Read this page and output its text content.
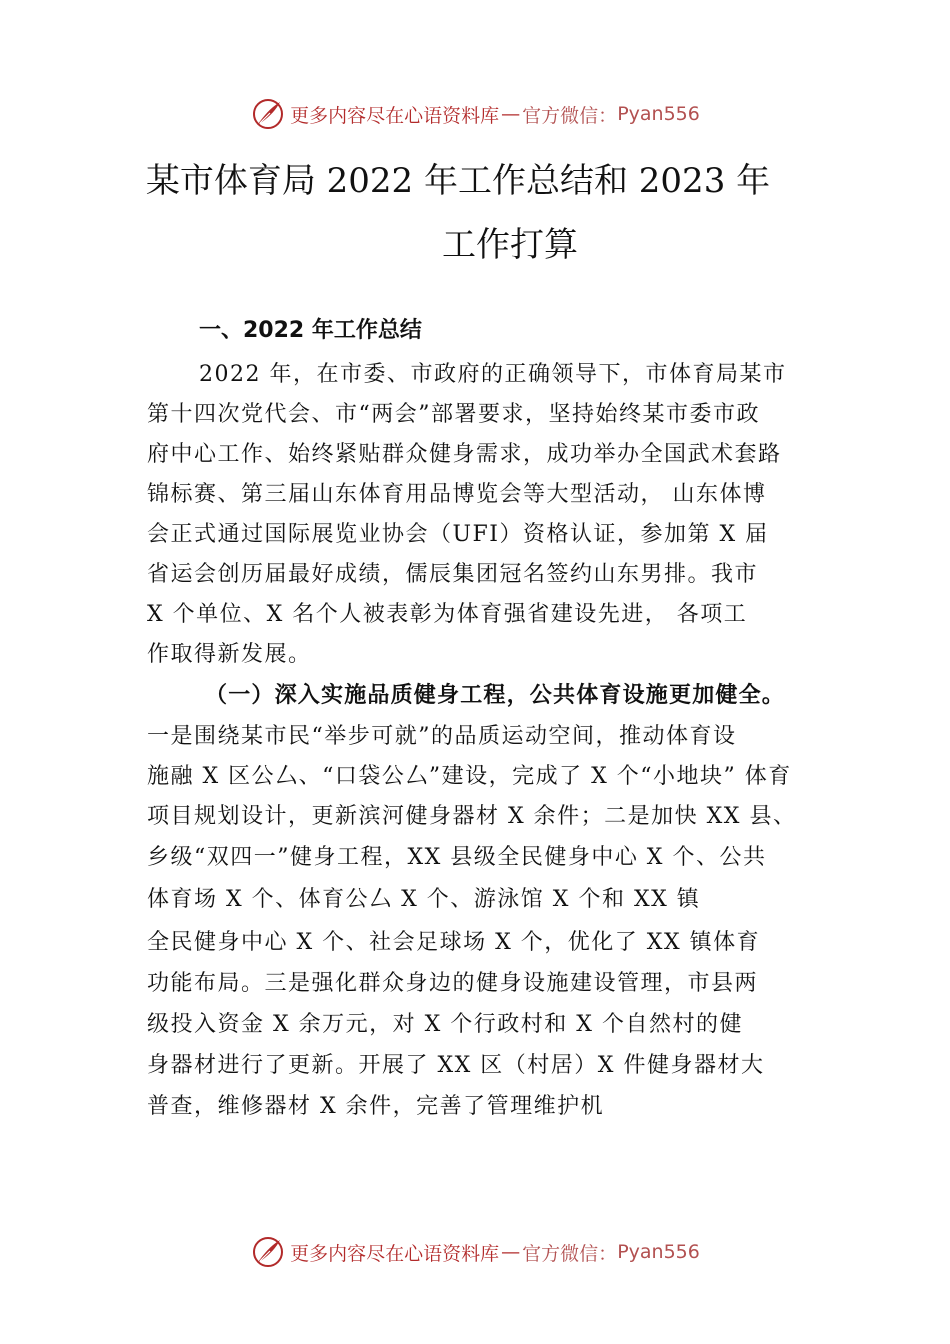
更多内容尽在心语资料库 — 官方微信： Pyan556
某市体育局 2022 年工作总结和 2023 年
工作打算
一、2022 年工作总结
2022 年，在市委、市政府的正确领导下，市体育局某市
第十四次党代会、市“两会”部署要求，坚持始终某市委市政
府中心工作、始终紧贴群众健身需求，成功举办全国武术套路
锦标赛、第三届山东体育用品博览会等大型活动， 山东体博
会正式通过国际展览业协会（UFI）资格认证，参加第 X 届
省运会创历届最好成绩，儒辰集团冠名签约山东男排。我市
X 个单位、X 名个人被表彰为体育强省建设先进， 各项工
作取得新发展。
（一）深入实施品质健身工程，公共体育设施更加健全。
一是围绕某市民“举步可就”的品质运动空间，推动体育设
施融 X 区公厶、“口袋公厶”建设，完成了 X 个“小地块” 体育
项目规划设计，更新滨河健身器材 X 余件；二是加快 XX 县、
乡级“双四一”健身工程，XX 县级全民健身中心 X 个、公共
体育场 X 个、体育公厶 X 个、游泳馆 X 个和 XX 镇
全民健身中心 X 个、社会足球场 X 个，优化了 XX 镇体育
功能布局。三是强化群众身边的健身设施建设管理，市县两
级投入资金 X 余万元，对 X 个行政村和 X 个自然村的健
身器材进行了更新。开展了 XX 区（村居）X 件健身器材大
普查，维修器材 X 余件，完善了管理维护机
更多内容尽在心语资料库 — 官方微信： Pyan556
